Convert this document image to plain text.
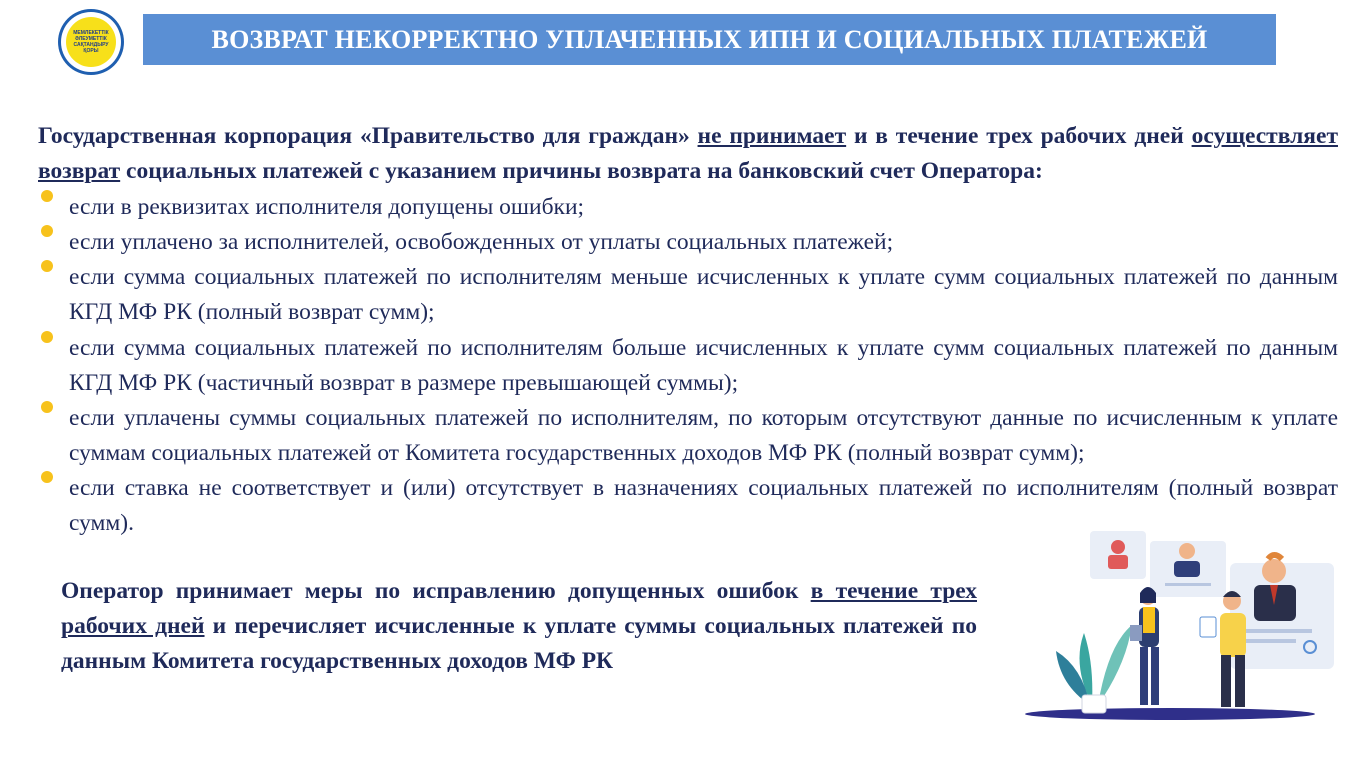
МЕМЛЕКЕТТІК ӘЛЕУМЕТТІК САҚТАНДЫРУ ҚОРЫ	ВОЗВРАТ НЕКОРРЕКТНО УПЛАЧЕННЫХ ИПН И СОЦИАЛЬНЫХ ПЛАТЕЖЕЙ
Государственная корпорация «Правительство для граждан» не принимает и в течение трех рабочих дней осуществляет возврат социальных платежей с указанием причины возврата на банковский счет Оператора:
если в реквизитах исполнителя допущены ошибки;
если уплачено за исполнителей, освобожденных от уплаты социальных платежей;
если сумма социальных платежей по исполнителям меньше исчисленных к уплате сумм социальных платежей по данным КГД МФ РК (полный возврат сумм);
если сумма социальных платежей по исполнителям больше исчисленных к уплате сумм социальных платежей по данным КГД МФ РК (частичный возврат в размере превышающей суммы);
если уплачены суммы социальных платежей по исполнителям, по которым отсутствуют данные по исчисленным к уплате суммам социальных платежей от Комитета государственных доходов МФ РК (полный возврат сумм);
если ставка не соответствует и (или) отсутствует в назначениях социальных платежей по исполнителям (полный возврат сумм).
Оператор принимает меры по исправлению допущенных ошибок в течение трех рабочих дней и перечисляет исчисленные к уплате суммы социальных платежей по данным Комитета государственных доходов МФ РК
